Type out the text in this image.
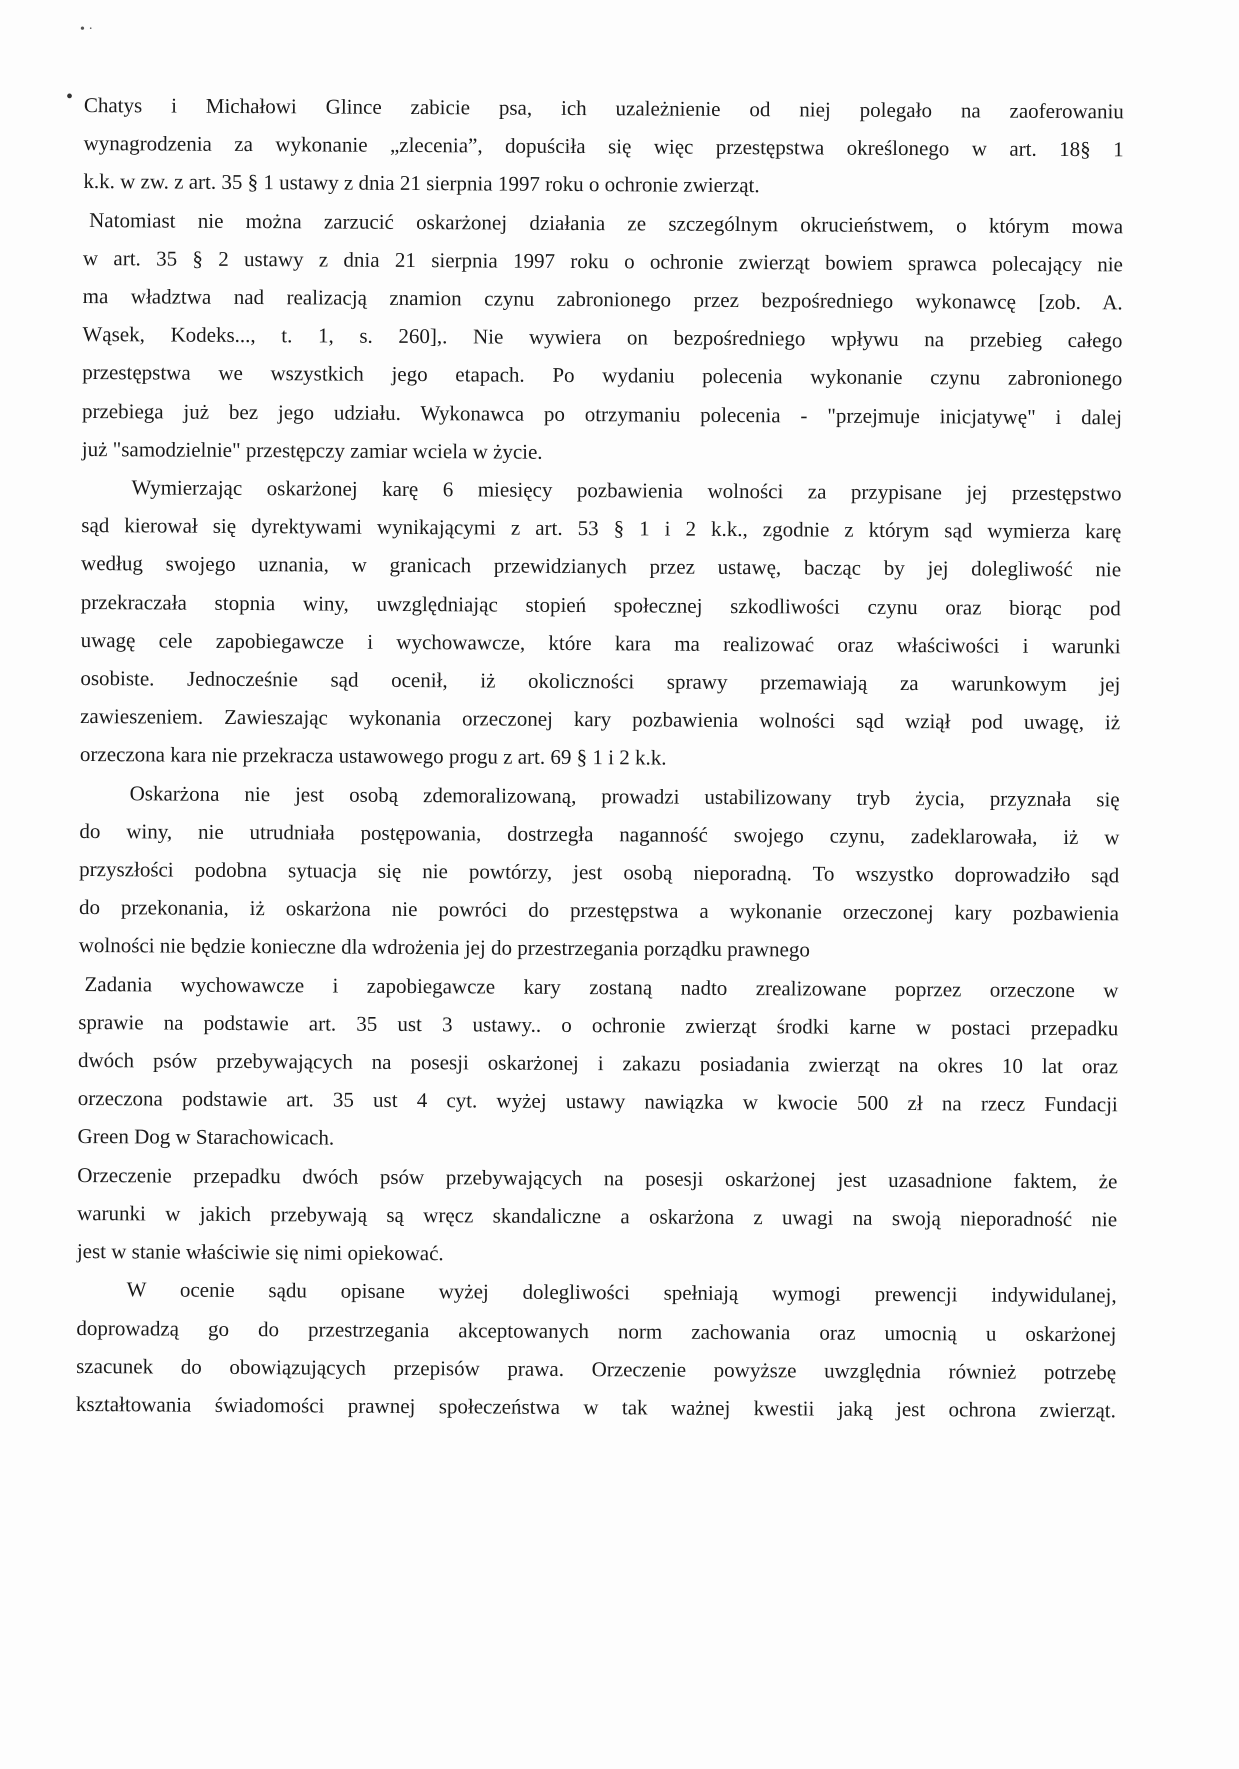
• ·
• Chatys i Michałowi Glince zabicie psa, ich uzależnienie od niej polegało na zaoferowaniu
wynagrodzenia za wykonanie „zlecenia”, dopuściła się więc przestępstwa określonego w art. 18§ 1
k.k. w zw. z art. 35 § 1 ustawy z dnia 21 sierpnia 1997 roku o ochronie zwierząt.
Natomiast nie można zarzucić oskarżonej działania ze szczególnym okrucieństwem, o którym mowa
w art. 35 § 2 ustawy z dnia 21 sierpnia 1997 roku o ochronie zwierząt bowiem sprawca polecający nie
ma władztwa nad realizacją znamion czynu zabronionego przez bezpośredniego wykonawcę [zob. A.
Wąsek, Kodeks..., t. 1, s. 260],. Nie wywiera on bezpośredniego wpływu na przebieg całego
przestępstwa we wszystkich jego etapach. Po wydaniu polecenia wykonanie czynu zabronionego
przebiega już bez jego udziału. Wykonawca po otrzymaniu polecenia - "przejmuje inicjatywę" i dalej
już "samodzielnie" przestępczy zamiar wciela w życie.
Wymierzając oskarżonej karę 6 miesięcy pozbawienia wolności za przypisane jej przestępstwo
sąd kierował się dyrektywami wynikającymi z art. 53 § 1 i 2 k.k., zgodnie z którym sąd wymierza karę
według swojego uznania, w granicach przewidzianych przez ustawę, bacząc by jej dolegliwość nie
przekraczała stopnia winy, uwzględniając stopień społecznej szkodliwości czynu oraz biorąc pod
uwagę cele zapobiegawcze i wychowawcze, które kara ma realizować oraz właściwości i warunki
osobiste. Jednocześnie sąd ocenił, iż okoliczności sprawy przemawiają za warunkowym jej
zawieszeniem. Zawieszając wykonania orzeczonej kary pozbawienia wolności sąd wziął pod uwagę, iż
orzeczona kara nie przekracza ustawowego progu z art. 69 § 1 i 2 k.k.
Oskarżona nie jest osobą zdemoralizowaną, prowadzi ustabilizowany tryb życia, przyznała się
do winy, nie utrudniała postępowania, dostrzegła naganność swojego czynu, zadeklarowała, iż w
przyszłości podobna sytuacja się nie powtórzy, jest osobą nieporadną. To wszystko doprowadziło sąd
do przekonania, iż oskarżona nie powróci do przestępstwa a wykonanie orzeczonej kary pozbawienia
wolności nie będzie konieczne dla wdrożenia jej do przestrzegania porządku prawnego
Zadania wychowawcze i zapobiegawcze kary zostaną nadto zrealizowane poprzez orzeczone w
sprawie na podstawie art. 35 ust 3 ustawy.. o ochronie zwierząt środki karne w postaci przepadku
dwóch psów przebywających na posesji oskarżonej i zakazu posiadania zwierząt na okres 10 lat oraz
orzeczona podstawie art. 35 ust 4 cyt. wyżej ustawy nawiązka w kwocie 500 zł na rzecz Fundacji
Green Dog w Starachowicach.
Orzeczenie przepadku dwóch psów przebywających na posesji oskarżonej jest uzasadnione faktem, że
warunki w jakich przebywają są wręcz skandaliczne a oskarżona z uwagi na swoją nieporadność nie
jest w stanie właściwie się nimi opiekować.
W ocenie sądu opisane wyżej dolegliwości spełniają wymogi prewencji indywidulanej,
doprowadzą go do przestrzegania akceptowanych norm zachowania oraz umocnią u oskarżonej
szacunek do obowiązujących przepisów prawa. Orzeczenie powyższe uwzględnia również potrzebę
kształtowania świadomości prawnej społeczeństwa w tak ważnej kwestii jaką jest ochrona zwierząt.
